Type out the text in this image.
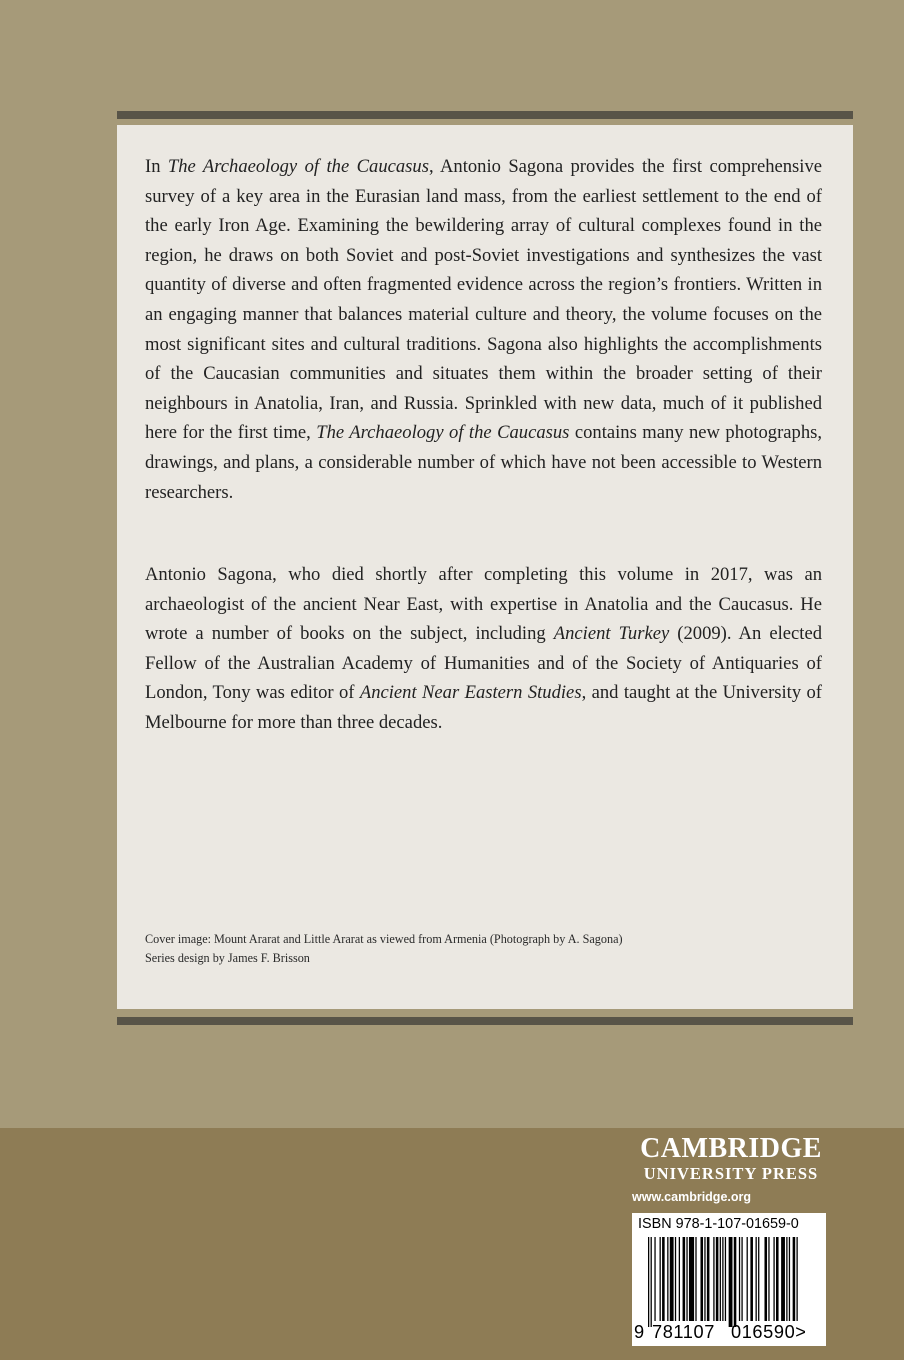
In The Archaeology of the Caucasus, Antonio Sagona provides the first comprehensive survey of a key area in the Eurasian land mass, from the earliest settlement to the end of the early Iron Age. Examining the bewildering array of cultural complexes found in the region, he draws on both Soviet and post-Soviet investigations and synthesizes the vast quantity of diverse and often fragmented evidence across the region’s frontiers. Written in an engaging manner that balances material culture and theory, the volume focuses on the most significant sites and cultural traditions. Sagona also highlights the accomplishments of the Caucasian communities and situates them within the broader setting of their neighbours in Anatolia, Iran, and Russia. Sprinkled with new data, much of it published here for the first time, The Archaeology of the Caucasus contains many new photographs, drawings, and plans, a considerable number of which have not been accessible to Western researchers.

Antonio Sagona, who died shortly after completing this volume in 2017, was an archaeologist of the ancient Near East, with expertise in Anatolia and the Caucasus. He wrote a number of books on the subject, including Ancient Turkey (2009). An elected Fellow of the Australian Academy of Humanities and of the Society of Antiquaries of London, Tony was editor of Ancient Near Eastern Studies, and taught at the University of Melbourne for more than three decades.

Cover image: Mount Ararat and Little Ararat as viewed from Armenia (Photograph by A. Sagona)
Series design by James F. Brisson
CAMBRIDGE
UNIVERSITY PRESS
www.cambridge.org
ISBN 978-1-107-01659-0
9 781107 016590>
